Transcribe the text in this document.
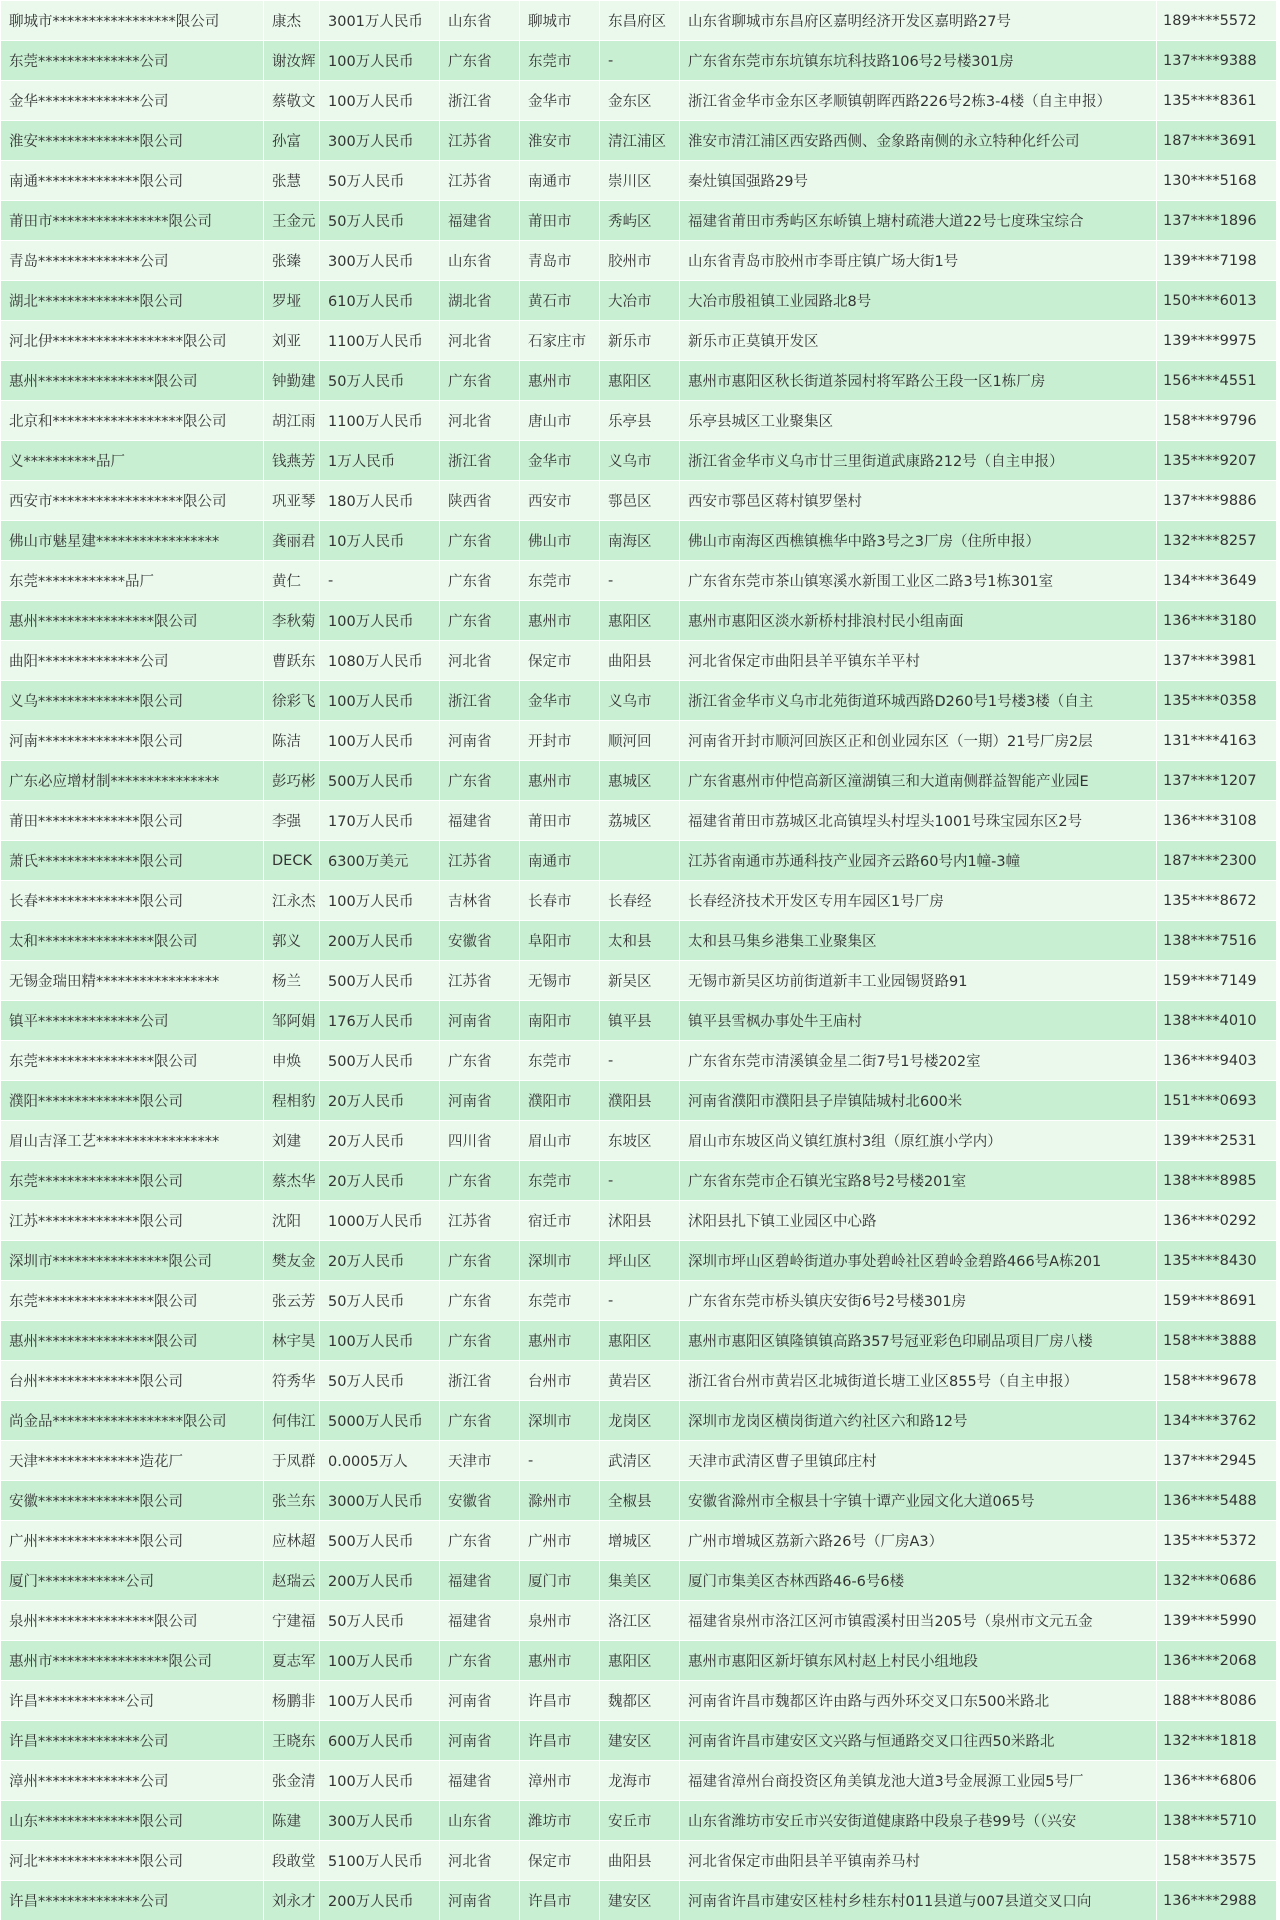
聊城市*****************限公司	康杰	3001万人民币	山东省	聊城市	东昌府区	山东省聊城市东昌府区嘉明经济开发区嘉明路27号	189****5572
东莞**************公司	谢汝辉	100万人民币	广东省	东莞市	-	广东省东莞市东坑镇东坑科技路106号2号楼301房	137****9388
金华**************公司	蔡敬文	100万人民币	浙江省	金华市	金东区	浙江省金华市金东区孝顺镇朝晖西路226号2栋3-4楼（自主申报）	135****8361
淮安**************限公司	孙富	300万人民币	江苏省	淮安市	清江浦区	淮安市清江浦区西安路西侧、金象路南侧的永立特种化纤公司	187****3691
南通**************限公司	张慧	50万人民币	江苏省	南通市	崇川区	秦灶镇国强路29号	130****5168
莆田市****************限公司	王金元	50万人民币	福建省	莆田市	秀屿区	福建省莆田市秀屿区东峤镇上塘村疏港大道22号七度珠宝综合	137****1896
青岛**************公司	张臻	300万人民币	山东省	青岛市	胶州市	山东省青岛市胶州市李哥庄镇广场大街1号	139****7198
湖北**************限公司	罗垭	610万人民币	湖北省	黄石市	大冶市	大冶市殷祖镇工业园路北8号	150****6013
河北伊******************限公司	刘亚	1100万人民币	河北省	石家庄市	新乐市	新乐市正莫镇开发区	139****9975
惠州****************限公司	钟勤建	50万人民币	广东省	惠州市	惠阳区	惠州市惠阳区秋长街道茶园村将军路公王段一区1栋厂房	156****4551
北京和******************限公司	胡江雨	1100万人民币	河北省	唐山市	乐亭县	乐亭县城区工业聚集区	158****9796
义**********品厂	钱燕芳	1万人民币	浙江省	金华市	义乌市	浙江省金华市义乌市廿三里街道武康路212号（自主申报）	135****9207
西安市******************限公司	巩亚琴	180万人民币	陕西省	西安市	鄠邑区	西安市鄠邑区蒋村镇罗堡村	137****9886
佛山市魅星建*****************	龚丽君	10万人民币	广东省	佛山市	南海区	佛山市南海区西樵镇樵华中路3号之3厂房（住所申报）	132****8257
东莞************品厂	黄仁	-	广东省	东莞市	-	广东省东莞市茶山镇寒溪水新围工业区二路3号1栋301室	134****3649
惠州****************限公司	李秋菊	100万人民币	广东省	惠州市	惠阳区	惠州市惠阳区淡水新桥村排浪村民小组南面	136****3180
曲阳**************公司	曹跃东	1080万人民币	河北省	保定市	曲阳县	河北省保定市曲阳县羊平镇东羊平村	137****3981
义乌**************限公司	徐彩飞	100万人民币	浙江省	金华市	义乌市	浙江省金华市义乌市北苑街道环城西路D260号1号楼3楼（自主	135****0358
河南**************限公司	陈洁	100万人民币	河南省	开封市	顺河回	河南省开封市顺河回族区正和创业园东区（一期）21号厂房2层	131****4163
广东必应增材制***************	彭巧彬	500万人民币	广东省	惠州市	惠城区	广东省惠州市仲恺高新区潼湖镇三和大道南侧群益智能产业园E	137****1207
莆田**************限公司	李强	170万人民币	福建省	莆田市	荔城区	福建省莆田市荔城区北高镇埕头村埕头1001号珠宝园东区2号	136****3108
萧氏**************限公司	DECK	6300万美元	江苏省	南通市		江苏省南通市苏通科技产业园齐云路60号内1幢-3幢	187****2300
长春**************限公司	江永杰	100万人民币	吉林省	长春市	长春经	长春经济技术开发区专用车园区1号厂房	135****8672
太和****************限公司	郭义	200万人民币	安徽省	阜阳市	太和县	太和县马集乡港集工业聚集区	138****7516
无锡金瑞田精*****************	杨兰	500万人民币	江苏省	无锡市	新吴区	无锡市新吴区坊前街道新丰工业园锡贤路91	159****7149
镇平**************公司	邹阿娟	176万人民币	河南省	南阳市	镇平县	镇平县雪枫办事处牛王庙村	138****4010
东莞****************限公司	申焕	500万人民币	广东省	东莞市	-	广东省东莞市清溪镇金星二街7号1号楼202室	136****9403
濮阳**************限公司	程相豹	20万人民币	河南省	濮阳市	濮阳县	河南省濮阳市濮阳县子岸镇陆城村北600米	151****0693
眉山吉泽工艺*****************	刘建	20万人民币	四川省	眉山市	东坡区	眉山市东坡区尚义镇红旗村3组（原红旗小学内）	139****2531
东莞**************限公司	蔡杰华	20万人民币	广东省	东莞市	-	广东省东莞市企石镇光宝路8号2号楼201室	138****8985
江苏**************限公司	沈阳	1000万人民币	江苏省	宿迁市	沭阳县	沭阳县扎下镇工业园区中心路	136****0292
深圳市****************限公司	樊友金	20万人民币	广东省	深圳市	坪山区	深圳市坪山区碧岭街道办事处碧岭社区碧岭金碧路466号A栋201	135****8430
东莞****************限公司	张云芳	50万人民币	广东省	东莞市	-	广东省东莞市桥头镇庆安街6号2号楼301房	159****8691
惠州****************限公司	林宇昊	100万人民币	广东省	惠州市	惠阳区	惠州市惠阳区镇隆镇镇高路357号冠亚彩色印刷品项目厂房八楼	158****3888
台州**************限公司	符秀华	50万人民币	浙江省	台州市	黄岩区	浙江省台州市黄岩区北城街道长塘工业区855号（自主申报）	158****9678
尚金品******************限公司	何伟江	5000万人民币	广东省	深圳市	龙岗区	深圳市龙岗区横岗街道六约社区六和路12号	134****3762
天津**************造花厂	于凤群	0.0005万人	天津市	-	武清区	天津市武清区曹子里镇邱庄村	137****2945
安徽**************限公司	张兰东	3000万人民币	安徽省	滁州市	全椒县	安徽省滁州市全椒县十字镇十谭产业园文化大道065号	136****5488
广州**************限公司	应林超	500万人民币	广东省	广州市	增城区	广州市增城区荔新六路26号（厂房A3）	135****5372
厦门************公司	赵瑞云	200万人民币	福建省	厦门市	集美区	厦门市集美区杏林西路46-6号6楼	132****0686
泉州****************限公司	宁建福	50万人民币	福建省	泉州市	洛江区	福建省泉州市洛江区河市镇霞溪村田当205号（泉州市文元五金	139****5990
惠州市****************限公司	夏志军	100万人民币	广东省	惠州市	惠阳区	惠州市惠阳区新圩镇东风村赵上村民小组地段	136****2068
许昌************公司	杨鹏非	100万人民币	河南省	许昌市	魏都区	河南省许昌市魏都区许由路与西外环交叉口东500米路北	188****8086
许昌**************公司	王晓东	600万人民币	河南省	许昌市	建安区	河南省许昌市建安区文兴路与恒通路交叉口往西50米路北	132****1818
漳州**************公司	张金清	100万人民币	福建省	漳州市	龙海市	福建省漳州台商投资区角美镇龙池大道3号金展源工业园5号厂	136****6806
山东**************限公司	陈建	300万人民币	山东省	潍坊市	安丘市	山东省潍坊市安丘市兴安街道健康路中段泉子巷99号（（兴安	138****5710
河北**************限公司	段敢堂	5100万人民币	河北省	保定市	曲阳县	河北省保定市曲阳县羊平镇南养马村	158****3575
许昌**************公司	刘永才	200万人民币	河南省	许昌市	建安区	河南省许昌市建安区桂村乡桂东村011县道与007县道交叉口向	136****2988
